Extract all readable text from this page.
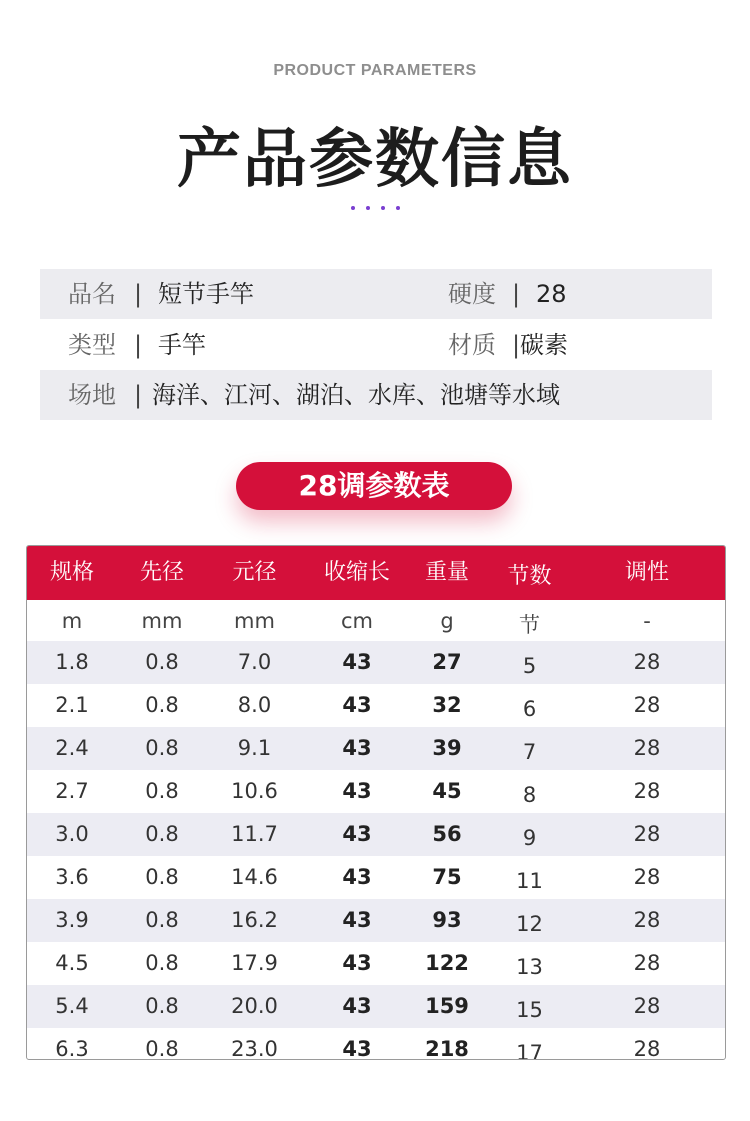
PRODUCT PARAMETERS
产品参数信息
品名 | 短节手竿	硬度 | 28
类型 | 手竿	材质 | 碳素
场地 | 海洋、江河、湖泊、水库、池塘等水域
28调参数表
规格	先径	元径	收缩长	重量	节数	调性
m	mm	mm	cm	g	节	-
1.8	0.8	7.0	43	27	5	28
2.1	0.8	8.0	43	32	6	28
2.4	0.8	9.1	43	39	7	28
2.7	0.8	10.6	43	45	8	28
3.0	0.8	11.7	43	56	9	28
3.6	0.8	14.6	43	75	11	28
3.9	0.8	16.2	43	93	12	28
4.5	0.8	17.9	43	122	13	28
5.4	0.8	20.0	43	159	15	28
6.3	0.8	23.0	43	218	17	28
